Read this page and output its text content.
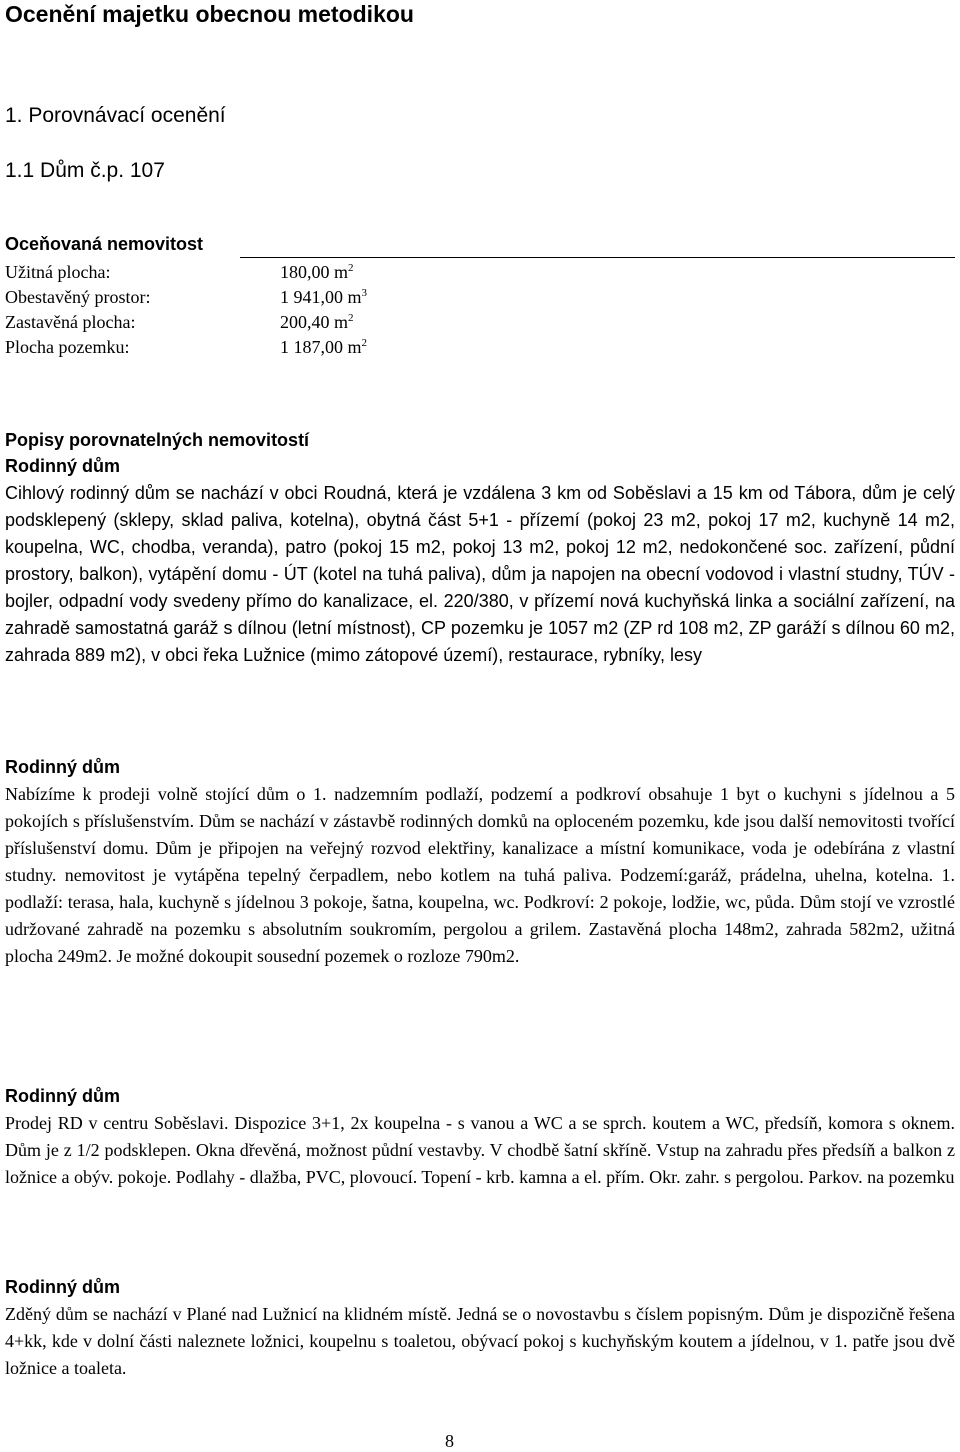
Ocenění majetku obecnou metodikou
1. Porovnávací ocenění
1.1 Dům č.p. 107
Oceňovaná nemovitost
Užitná plocha:	180,00 $m^2$
Obestavěný prostor:	1 941,00 $m^3$
Zastavěná plocha:	200,40 $m^2$
Plocha pozemku:	1 187,00 $m^2$
Popisy porovnatelných nemovitostí
Rodinný dům
Cihlový rodinný dům se nachází v obci Roudná, která je vzdálena 3 km od Soběslavi a 15 km od Tábora, dům je celý podsklepený (sklepy, sklad paliva, kotelna), obytná část 5+1 - přízemí (pokoj 23 m2, pokoj 17 m2, kuchyně 14 m2, koupelna, WC, chodba, veranda), patro (pokoj 15 m2, pokoj 13 m2, pokoj 12 m2, nedokončené soc. zařízení, půdní prostory, balkon), vytápění domu - ÚT (kotel na tuhá paliva), dům ja napojen na obecní vodovod i vlastní studny, TÚV - bojler, odpadní vody svedeny přímo do kanalizace, el. 220/380, v přízemí nová kuchyňská linka a sociální zařízení, na zahradě samostatná garáž s dílnou (letní místnost), CP pozemku je 1057 m2 (ZP rd 108 m2, ZP garáží s dílnou 60 m2, zahrada 889 m2), v obci řeka Lužnice (mimo zátopové území), restaurace, rybníky, lesy
Rodinný dům
Nabízíme k prodeji volně stojící dům o 1. nadzemním podlaží, podzemí a podkroví obsahuje 1 byt o kuchyni s jídelnou a 5 pokojích s příslušenstvím. Dům se nachází v zástavbě rodinných domků na oploceném pozemku, kde jsou další nemovitosti tvořící příslušenství domu. Dům je připojen na veřejný rozvod elektřiny, kanalizace a místní komunikace, voda je odebírána z vlastní studny. nemovitost je vytápěna tepelný čerpadlem, nebo kotlem na tuhá paliva. Podzemí:garáž, prádelna, uhelna, kotelna. 1. podlaží: terasa, hala, kuchyně s jídelnou 3 pokoje, šatna, koupelna, wc. Podkroví: 2 pokoje, lodžie, wc, půda. Dům stojí ve vzrostlé udržované zahradě na pozemku s absolutním soukromím, pergolou a grilem. Zastavěná plocha 148m2, zahrada 582m2, užitná plocha 249m2. Je možné dokoupit sousední pozemek o rozloze 790m2.
Rodinný dům
Prodej RD v centru Soběslavi. Dispozice 3+1, 2x koupelna - s vanou a WC a se sprch. koutem a WC, předsíň, komora s oknem. Dům je z 1/2 podsklepen. Okna dřevěná, možnost půdní vestavby. V chodbě šatní skříně. Vstup na zahradu přes předsíň a balkon z ložnice a obýv. pokoje. Podlahy - dlažba, PVC, plovoucí. Topení - krb. kamna a el. přím. Okr. zahr. s pergolou. Parkov. na pozemku
Rodinný dům
Zděný dům se nachází v Plané nad Lužnicí na klidném místě. Jedná se o novostavbu s číslem popisným. Dům je dispozičně řešena 4+kk, kde v dolní části naleznete ložnici, koupelnu s toaletou, obývací pokoj s kuchyňským koutem a jídelnou, v 1. patře jsou dvě ložnice a toaleta.
8
